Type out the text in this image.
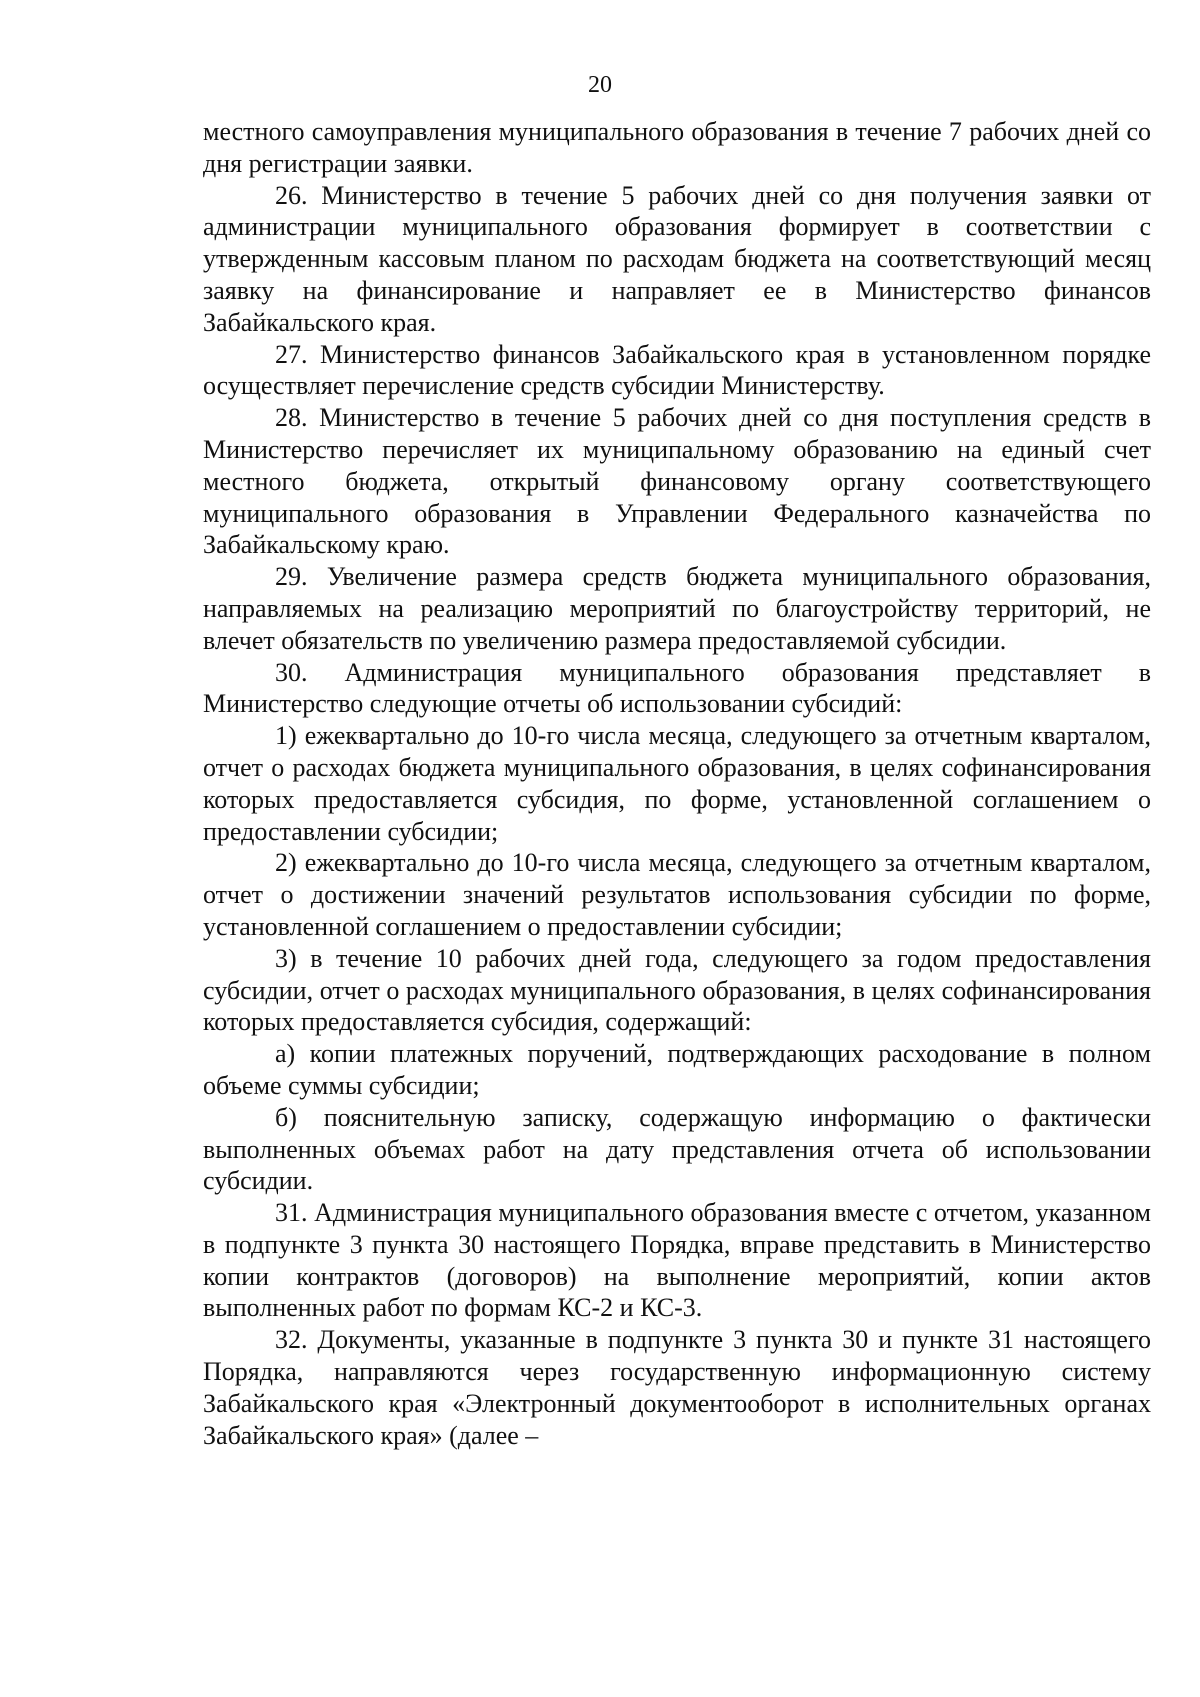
20

местного самоуправления муниципального образования в течение 7 рабочих дней со дня регистрации заявки.

26. Министерство в течение 5 рабочих дней со дня получения заявки от администрации муниципального образования формирует в соответствии с утвержденным кассовым планом по расходам бюджета на соответствующий месяц заявку на финансирование и направляет ее в Министерство финансов Забайкальского края.

27. Министерство финансов Забайкальского края в установленном порядке осуществляет перечисление средств субсидии Министерству.

28. Министерство в течение 5 рабочих дней со дня поступления средств в Министерство перечисляет их муниципальному образованию на единый счет местного бюджета, открытый финансовому органу соответствующего муниципального образования в Управлении Федерального казначейства по Забайкальскому краю.

29. Увеличение размера средств бюджета муниципального образования, направляемых на реализацию мероприятий по благоустройству территорий, не влечет обязательств по увеличению размера предоставляемой субсидии.

30. Администрация муниципального образования представляет в Министерство следующие отчеты об использовании субсидий:

1) ежеквартально до 10-го числа месяца, следующего за отчетным кварталом, отчет о расходах бюджета муниципального образования, в целях софинансирования которых предоставляется субсидия, по форме, установленной соглашением о предоставлении субсидии;

2) ежеквартально до 10-го числа месяца, следующего за отчетным кварталом, отчет о достижении значений результатов использования субсидии по форме, установленной соглашением о предоставлении субсидии;

3) в течение 10 рабочих дней года, следующего за годом предоставления субсидии, отчет о расходах муниципального образования, в целях софинансирования которых предоставляется субсидия, содержащий:

а) копии платежных поручений, подтверждающих расходование в полном объеме суммы субсидии;

б) пояснительную записку, содержащую информацию о фактически выполненных объемах работ на дату представления отчета об использовании субсидии.

31. Администрация муниципального образования вместе с отчетом, указанном в подпункте 3 пункта 30 настоящего Порядка, вправе представить в Министерство копии контрактов (договоров) на выполнение мероприятий, копии актов выполненных работ по формам КС-2 и КС-3.

32. Документы, указанные в подпункте 3 пункта 30 и пункте 31 настоящего Порядка, направляются через государственную информационную систему Забайкальского края «Электронный документооборот в исполнительных органах Забайкальского края» (далее –
